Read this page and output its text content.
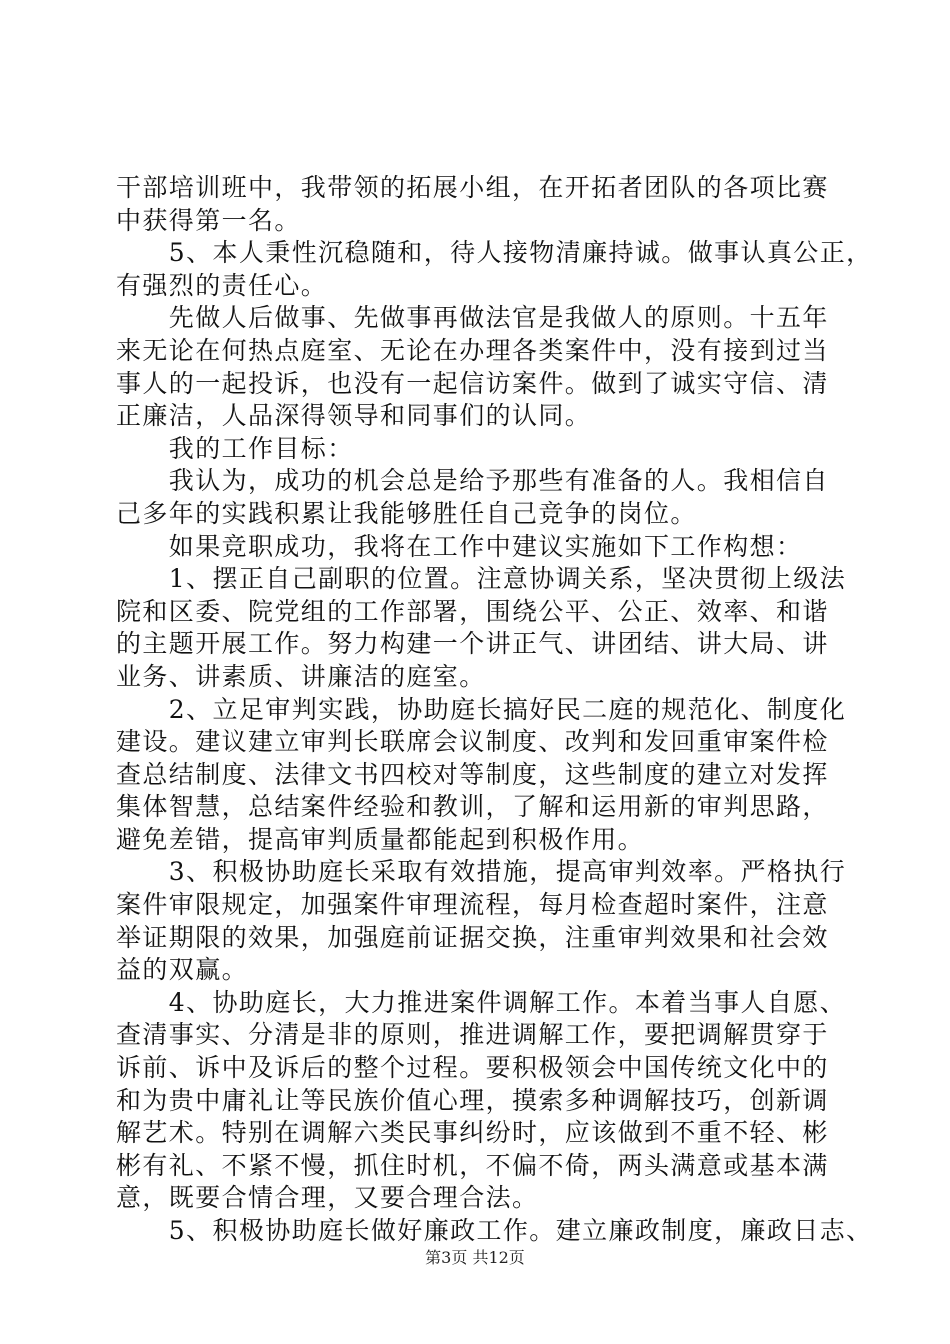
干部培训班中，我带领的拓展小组，在开拓者团队的各项比赛
中获得第一名。
　　5、本人秉性沉稳随和，待人接物清廉持诚。做事认真公正，
有强烈的责任心。
　　先做人后做事、先做事再做法官是我做人的原则。十五年
来无论在何热点庭室、无论在办理各类案件中，没有接到过当
事人的一起投诉，也没有一起信访案件。做到了诚实守信、清
正廉洁，人品深得领导和同事们的认同。
　　我的工作目标：
　　我认为，成功的机会总是给予那些有准备的人。我相信自
己多年的实践积累让我能够胜任自己竞争的岗位。
　　如果竞职成功，我将在工作中建议实施如下工作构想：
　　1、摆正自己副职的位置。注意协调关系，坚决贯彻上级法
院和区委、院党组的工作部署，围绕公平、公正、效率、和谐
的主题开展工作。努力构建一个讲正气、讲团结、讲大局、讲
业务、讲素质、讲廉洁的庭室。
　　2、立足审判实践，协助庭长搞好民二庭的规范化、制度化
建设。建议建立审判长联席会议制度、改判和发回重审案件检
查总结制度、法律文书四校对等制度，这些制度的建立对发挥
集体智慧，总结案件经验和教训，了解和运用新的审判思路，
避免差错，提高审判质量都能起到积极作用。
　　3、积极协助庭长采取有效措施，提高审判效率。严格执行
案件审限规定，加强案件审理流程，每月检查超时案件，注意
举证期限的效果，加强庭前证据交换，注重审判效果和社会效
益的双赢。
　　4、协助庭长，大力推进案件调解工作。本着当事人自愿、
查清事实、分清是非的原则，推进调解工作，要把调解贯穿于
诉前、诉中及诉后的整个过程。要积极领会中国传统文化中的
和为贵中庸礼让等民族价值心理，摸索多种调解技巧，创新调
解艺术。特别在调解六类民事纠纷时，应该做到不重不轻、彬
彬有礼、不紧不慢，抓住时机，不偏不倚，两头满意或基本满
意，既要合情合理，又要合理合法。
　　5、积极协助庭长做好廉政工作。建立廉政制度，廉政日志、
第3页 共12页
